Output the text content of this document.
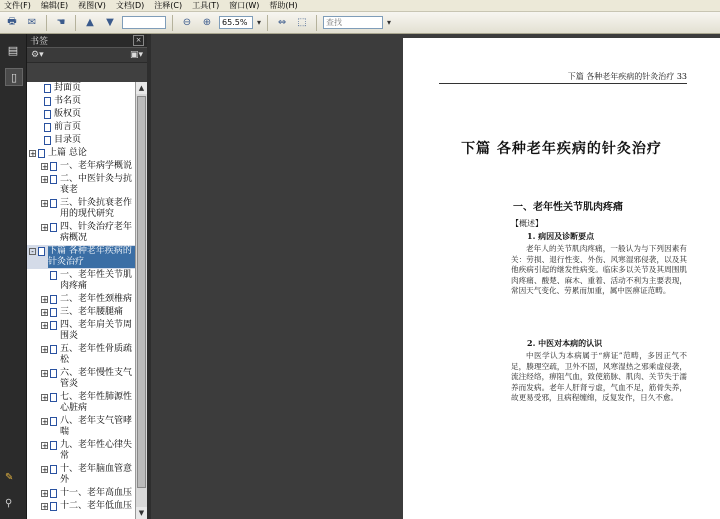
文件(F) 编辑(E) 视图(V) 文档(D) 注释(C) 工具(T) 窗口(W) 帮助(H)
🖶	✉	☚	▲	▼	⊖	⊕	65.5%	▾	⇔	⬚	查找	▾
▤
▯
✎
⚲
书签	×
⚙▾	▣▾
封面页
书名页
版权页
前言页
目录页
+ 上篇 总论
+ 一、老年病学概说
+ 二、中医针灸与抗衰老
+ 三、针灸抗衰老作用的现代研究
+ 四、针灸治疗老年病概况
- 下篇 各种老年疾病的针灸治疗
一、老年性关节肌肉疼痛
+ 二、老年性颈椎病
+ 三、老年腰腿痛
+ 四、老年肩关节周围炎
+ 五、老年性骨质疏松
+ 六、老年慢性支气管炎
+ 七、老年性肺源性心脏病
+ 八、老年支气管哮喘
+ 九、老年性心律失常
+ 十、老年脑血管意外
+ 十一、老年高血压
+ 十二、老年低血压
▲
▼
下篇 各种老年疾病的针灸治疗 33
下篇 各种老年疾病的针灸治疗
一、老年性关节肌肉疼痛
【概述】
1. 病因及诊断要点

老年人的关节肌肉疼痛，一般认为与下列因素有关：劳损、退行性变、外伤、风寒湿邪侵袭，以及其他疾病引起的继发性病变。临床多以关节及其周围肌肉疼痛、酸楚、麻木、重着、活动不利为主要表现，常因天气变化、劳累而加重，属中医痹证范畴。

2. 中医对本病的认识

中医学认为本病属于“痹证”范畴，多因正气不足，腠理空疏，卫外不固，风寒湿热之邪乘虚侵袭，流注经络，痹阻气血，致使筋脉、肌肉、关节失于濡养而发病。老年人肝肾亏虚，气血不足，筋骨失养，故更易受邪，且病程缠绵，反复发作，日久不愈。
